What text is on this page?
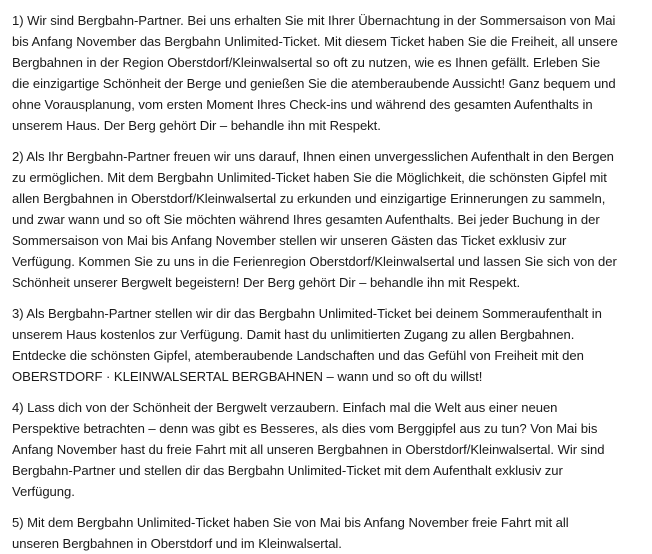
1) Wir sind Bergbahn-Partner. Bei uns erhalten Sie mit Ihrer Übernachtung in der Sommersaison von Mai
bis Anfang November das Bergbahn Unlimited-Ticket. Mit diesem Ticket haben Sie die Freiheit, all unsere
Bergbahnen in der Region Oberstdorf/Kleinwalsertal so oft zu nutzen, wie es Ihnen gefällt. Erleben Sie
die einzigartige Schönheit der Berge und genießen Sie die atemberaubende Aussicht! Ganz bequem und
ohne Vorausplanung, vom ersten Moment Ihres Check-ins und während des gesamten Aufenthalts in
unserem Haus. Der Berg gehört Dir – behandle ihn mit Respekt.

2) Als Ihr Bergbahn-Partner freuen wir uns darauf, Ihnen einen unvergesslichen Aufenthalt in den Bergen
zu ermöglichen. Mit dem Bergbahn Unlimited-Ticket haben Sie die Möglichkeit, die schönsten Gipfel mit
allen Bergbahnen in Oberstdorf/Kleinwalsertal zu erkunden und einzigartige Erinnerungen zu sammeln,
und zwar wann und so oft Sie möchten während Ihres gesamten Aufenthalts. Bei jeder Buchung in der
Sommersaison von Mai bis Anfang November stellen wir unseren Gästen das Ticket exklusiv zur
Verfügung. Kommen Sie zu uns in die Ferienregion Oberstdorf/Kleinwalsertal und lassen Sie sich von der
Schönheit unserer Bergwelt begeistern! Der Berg gehört Dir – behandle ihn mit Respekt.

3) Als Bergbahn-Partner stellen wir dir das Bergbahn Unlimited-Ticket bei deinem Sommeraufenthalt in
unserem Haus kostenlos zur Verfügung. Damit hast du unlimitierten Zugang zu allen Bergbahnen.
Entdecke die schönsten Gipfel, atemberaubende Landschaften und das Gefühl von Freiheit mit den
OBERSTDORF · KLEINWALSERTAL BERGBAHNEN – wann und so oft du willst!

4) Lass dich von der Schönheit der Bergwelt verzaubern. Einfach mal die Welt aus einer neuen
Perspektive betrachten – denn was gibt es Besseres, als dies vom Berggipfel aus zu tun? Von Mai bis
Anfang November hast du freie Fahrt mit all unseren Bergbahnen in Oberstdorf/Kleinwalsertal. Wir sind
Bergbahn-Partner und stellen dir das Bergbahn Unlimited-Ticket mit dem Aufenthalt exklusiv zur
Verfügung.

5) Mit dem Bergbahn Unlimited-Ticket haben Sie von Mai bis Anfang November freie Fahrt mit all
unseren Bergbahnen in Oberstdorf und im Kleinwalsertal.
